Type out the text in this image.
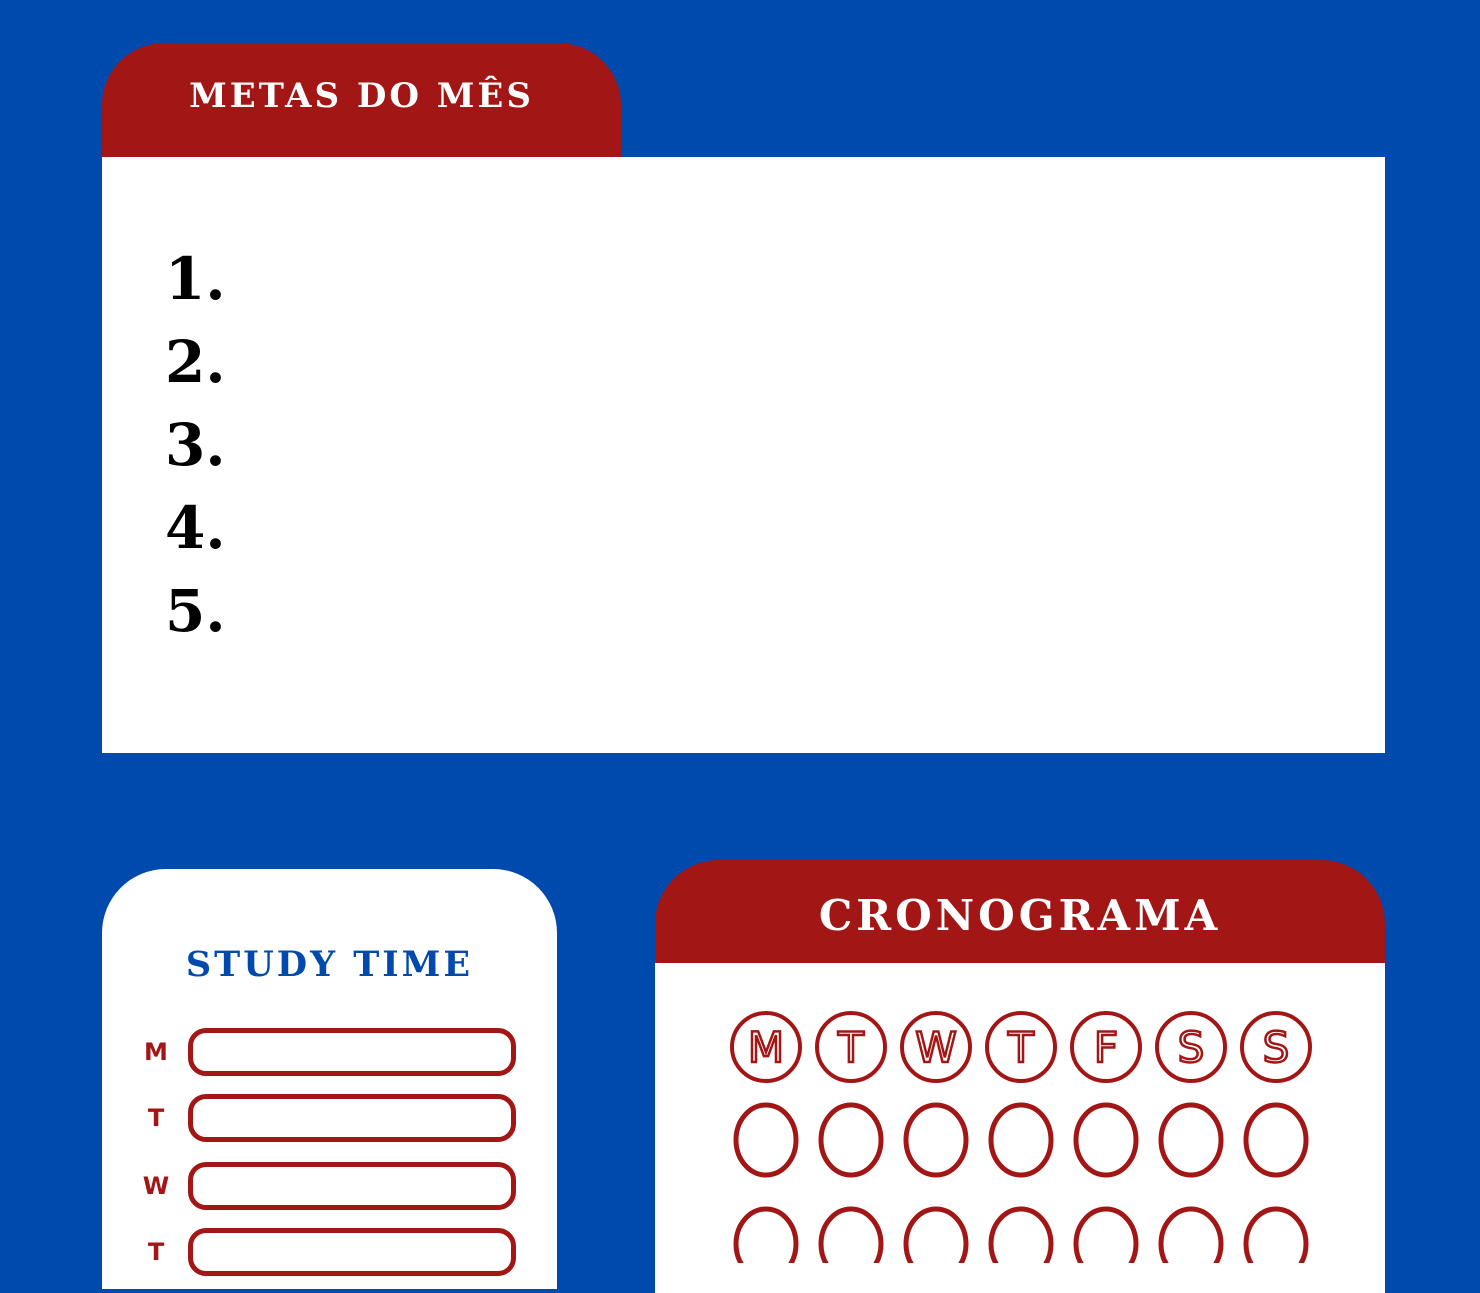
METAS DO MÊS
1.
2.
3.
4.
5.
STUDY TIME
M
T
W
T
CRONOGRAMA
M T W T F S S
